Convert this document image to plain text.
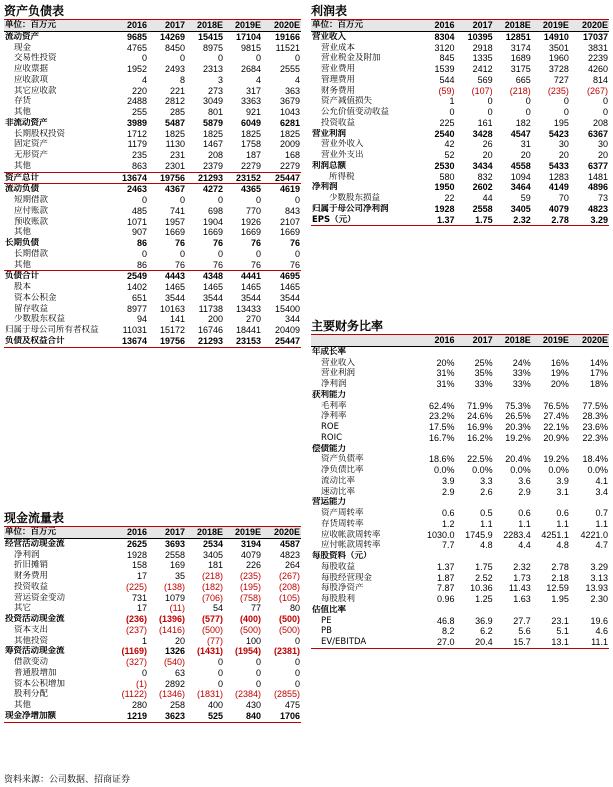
资产负债表
单位：百万元	2016	2017	2018E	2019E	2020E
流动资产	9685	14269	15415	17104	19166
现金	4765	8450	8975	9815	11521
交易性投资	0	0	0	0	0
应收票据	1952	2493	2313	2684	2555
应收款项	4	8	3	4	4
其它应收款	220	221	273	317	363
存货	2488	2812	3049	3363	3679
其他	255	285	801	921	1043
非流动资产	3989	5487	5879	6049	6281
长期股权投资	1712	1825	1825	1825	1825
固定资产	1179	1130	1467	1758	2009
无形资产	235	231	208	187	168
其他	863	2301	2379	2279	2279
资产总计	13674	19756	21293	23152	25447
流动负债	2463	4367	4272	4365	4619
短期借款	0	0	0	0	0
应付账款	485	741	698	770	843
预收账款	1071	1957	1904	1926	2107
其他	907	1669	1669	1669	1669
长期负债	86	76	76	76	76
长期借款	0	0	0	0	0
其他	86	76	76	76	76
负债合计	2549	4443	4348	4441	4695
股本	1402	1465	1465	1465	1465
资本公积金	651	3544	3544	3544	3544
留存收益	8977	10163	11738	13433	15400
少数股东权益	94	141	200	270	344
归属于母公司所有者权益	11031	15172	16746	18441	20409
负债及权益合计	13674	19756	21293	23153	25447
现金流量表
单位：百万元	2016	2017	2018E	2019E	2020E
经营活动现金流	2625	3693	2534	3194	4587
净利润	1928	2558	3405	4079	4823
折旧摊销	158	169	181	226	264
财务费用	17	35	(218)	(235)	(267)
投资收益	(225)	(138)	(182)	(195)	(208)
营运资金变动	731	1079	(706)	(758)	(105)
其它	17	(11)	54	77	80
投资活动现金流	(236)	(1396)	(577)	(400)	(500)
资本支出	(237)	(1416)	(500)	(500)	(500)
其他投资	1	20	(77)	100	0
筹资活动现金流	(1169)	1326	(1431)	(1954)	(2381)
借款变动	(327)	(540)	0	0	0
普通股增加	0	63	0	0	0
资本公积增加	(1)	2892	0	0	0
股利分配	(1122)	(1346)	(1831)	(2384)	(2855)
其他	280	258	400	430	475
现金净增加额	1219	3623	525	840	1706
利润表
单位：百万元	2016	2017	2018E	2019E	2020E
营业收入	8304	10395	12851	14910	17037
营业成本	3120	2918	3174	3501	3831
营业税金及附加	845	1335	1689	1960	2239
营业费用	1539	2412	3175	3728	4260
管理费用	544	569	665	727	814
财务费用	(59)	(107)	(218)	(235)	(267)
资产减值损失	1	0	0	0	0
公允价值变动收益	0	0	0	0	0
投资收益	225	161	182	195	208
营业利润	2540	3428	4547	5423	6367
营业外收入	42	26	31	30	30
营业外支出	52	20	20	20	20
利润总额	2530	3434	4558	5433	6377
所得税	580	832	1094	1283	1481
净利润	1950	2602	3464	4149	4896
少数股东损益	22	44	59	70	73
归属于母公司净利润	1928	2558	3405	4079	4823
EPS（元）	1.37	1.75	2.32	2.78	3.29
主要财务比率
	2016	2017	2018E	2019E	2020E
年成长率					
营业收入	20%	25%	24%	16%	14%
营业利润	31%	35%	33%	19%	17%
净利润	31%	33%	33%	20%	18%
获利能力					
毛利率	62.4%	71.9%	75.3%	76.5%	77.5%
净利率	23.2%	24.6%	26.5%	27.4%	28.3%
ROE	17.5%	16.9%	20.3%	22.1%	23.6%
ROIC	16.7%	16.2%	19.2%	20.9%	22.3%
偿债能力					
资产负债率	18.6%	22.5%	20.4%	19.2%	18.4%
净负债比率	0.0%	0.0%	0.0%	0.0%	0.0%
流动比率	3.9	3.3	3.6	3.9	4.1
速动比率	2.9	2.6	2.9	3.1	3.4
营运能力					
资产周转率	0.6	0.5	0.6	0.6	0.7
存货周转率	1.2	1.1	1.1	1.1	1.1
应收帐款周转率	1030.0	1745.9	2283.4	4251.1	4221.0
应付帐款周转率	7.7	4.8	4.4	4.8	4.7
每股资料（元）					
每股收益	1.37	1.75	2.32	2.78	3.29
每股经营现金	1.87	2.52	1.73	2.18	3.13
每股净资产	7.87	10.36	11.43	12.59	13.93
每股股利	0.96	1.25	1.63	1.95	2.30
估值比率					
PE	46.8	36.9	27.7	23.1	19.6
PB	8.2	6.2	5.6	5.1	4.6
EV/EBITDA	27.0	20.4	15.7	13.1	11.1
资料来源：公司数据、招商证券
